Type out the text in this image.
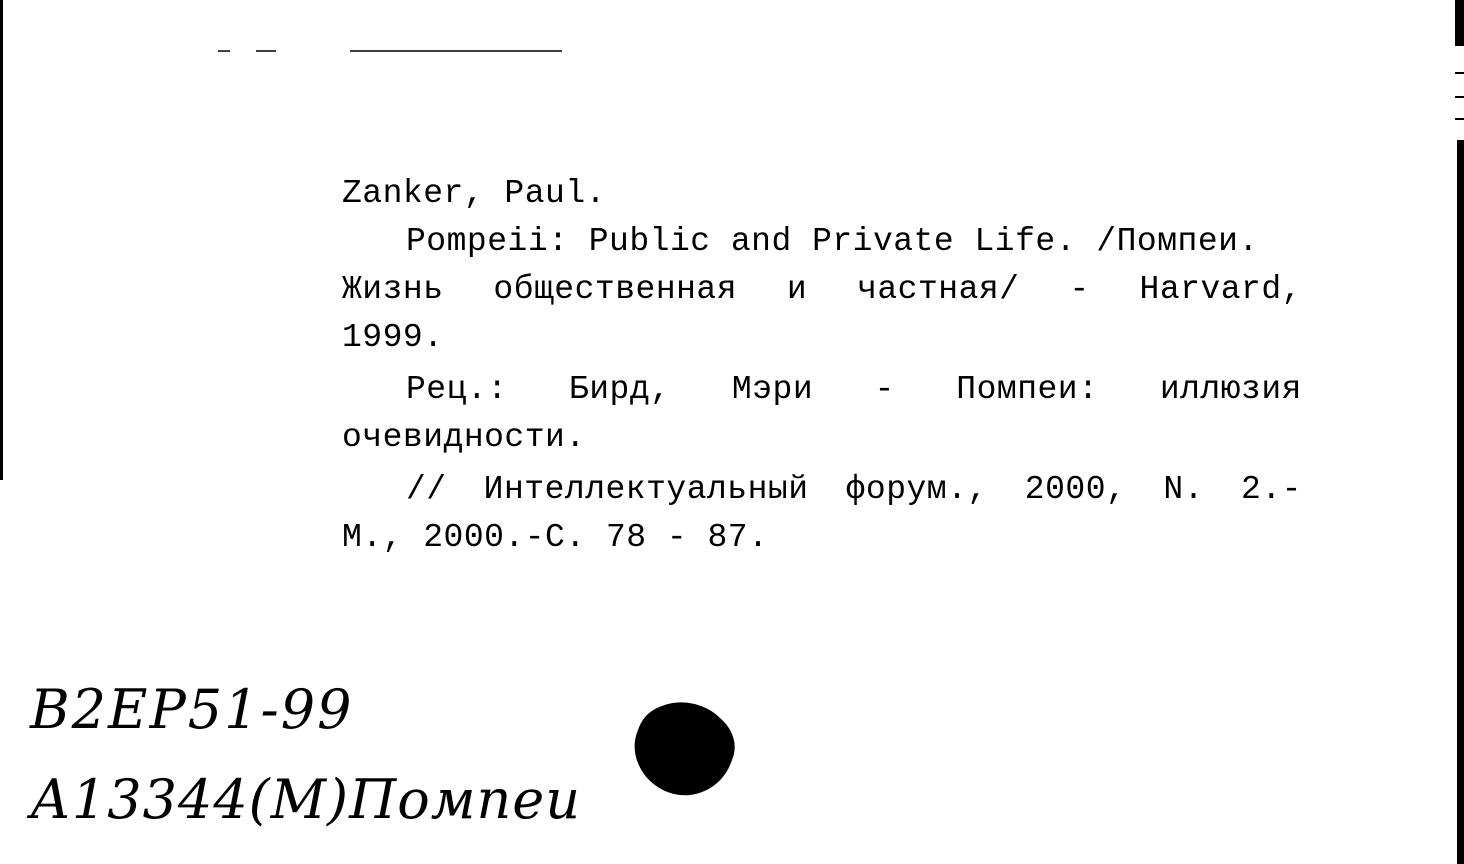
Zanker, Paul.
Pompeii: Public and Private Life. /Помпеи.
Жизнь общественная и частная/ - Harvard,
1999.
Рец.: Бирд, Мэри - Помпеи: иллюзия
очевидности.
// Интеллектуальный форум., 2000, N. 2.-
М., 2000.-С. 78 - 87.
В2ЕР51-99
А13344(М)Помпеи
